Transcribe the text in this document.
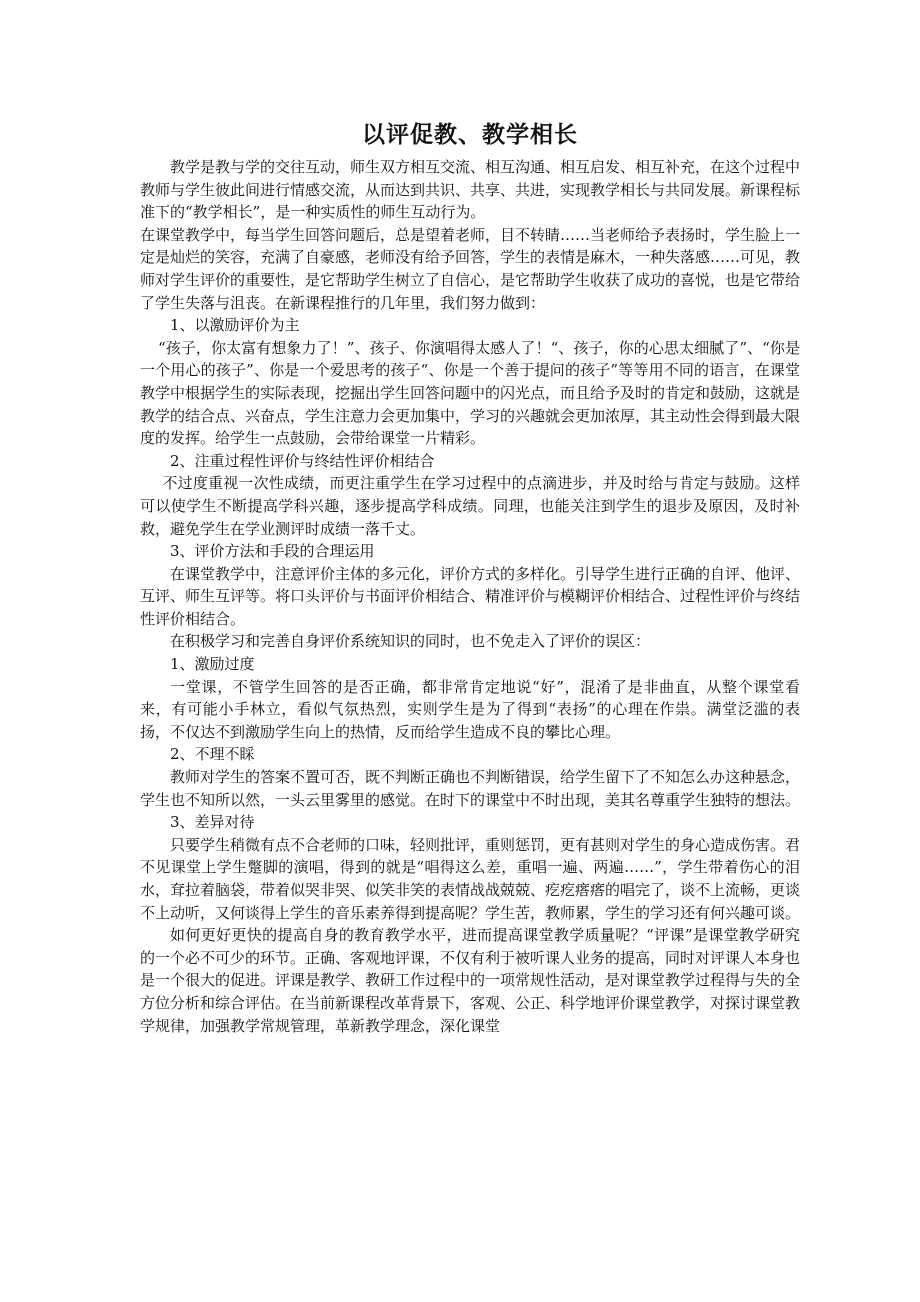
以评促教、教学相长

教学是教与学的交往互动，师生双方相互交流、相互沟通、相互启发、相互补充，在这个过程中教师与学生彼此间进行情感交流，从而达到共识、共享、共进，实现教学相长与共同发展。新课程标准下的“教学相长”，是一种实质性的师生互动行为。

在课堂教学中，每当学生回答问题后，总是望着老师，目不转睛……当老师给予表扬时，学生脸上一定是灿烂的笑容，充满了自豪感，老师没有给予回答，学生的表情是麻木，一种失落感……可见，教师对学生评价的重要性，是它帮助学生树立了自信心，是它帮助学生收获了成功的喜悦，也是它带给了学生失落与沮丧。在新课程推行的几年里，我们努力做到：

1、以激励评价为主

“孩子，你太富有想象力了！”、孩子、你演唱得太感人了！“、孩子，你的心思太细腻了”、“你是一个用心的孩子”、你是一个爱思考的孩子“、你是一个善于提问的孩子”等等用不同的语言，在课堂教学中根据学生的实际表现，挖掘出学生回答问题中的闪光点，而且给予及时的肯定和鼓励，这就是教学的结合点、兴奋点，学生注意力会更加集中，学习的兴趣就会更加浓厚，其主动性会得到最大限度的发挥。给学生一点鼓励，会带给课堂一片精彩。

2、注重过程性评价与终结性评价相结合

不过度重视一次性成绩，而更注重学生在学习过程中的点滴进步，并及时给与肯定与鼓励。这样可以使学生不断提高学科兴趣，逐步提高学科成绩。同理，也能关注到学生的退步及原因，及时补救，避免学生在学业测评时成绩一落千丈。

3、评价方法和手段的合理运用

在课堂教学中，注意评价主体的多元化，评价方式的多样化。引导学生进行正确的自评、他评、互评、师生互评等。将口头评价与书面评价相结合、精准评价与模糊评价相结合、过程性评价与终结性评价相结合。

在积极学习和完善自身评价系统知识的同时，也不免走入了评价的误区：

1、激励过度

一堂课，不管学生回答的是否正确，都非常肯定地说“好”，混淆了是非曲直，从整个课堂看来，有可能小手林立，看似气氛热烈，实则学生是为了得到“表扬”的心理在作祟。满堂泛滥的表扬，不仅达不到激励学生向上的热情，反而给学生造成不良的攀比心理。

2、不理不睬

教师对学生的答案不置可否，既不判断正确也不判断错误，给学生留下了不知怎么办这种悬念，学生也不知所以然，一头云里雾里的感觉。在时下的课堂中不时出现，美其名尊重学生独特的想法。

3、差异对待

只要学生稍微有点不合老师的口味，轻则批评，重则惩罚，更有甚则对学生的身心造成伤害。君不见课堂上学生蹩脚的演唱，得到的就是“唱得这么差，重唱一遍、两遍……”，学生带着伤心的泪水，耷拉着脑袋，带着似哭非哭、似笑非笑的表情战战兢兢、疙疙瘩瘩的唱完了，谈不上流畅，更谈不上动听，又何谈得上学生的音乐素养得到提高呢？学生苦，教师累，学生的学习还有何兴趣可谈。

如何更好更快的提高自身的教育教学水平，进而提高课堂教学质量呢？“评课”是课堂教学研究的一个必不可少的环节。正确、客观地评课，不仅有利于被听课人业务的提高，同时对评课人本身也是一个很大的促进。评课是教学、教研工作过程中的一项常规性活动，是对课堂教学过程得与失的全方位分析和综合评估。在当前新课程改革背景下，客观、公正、科学地评价课堂教学，对探讨课堂教学规律，加强教学常规管理，革新教学理念，深化课堂
